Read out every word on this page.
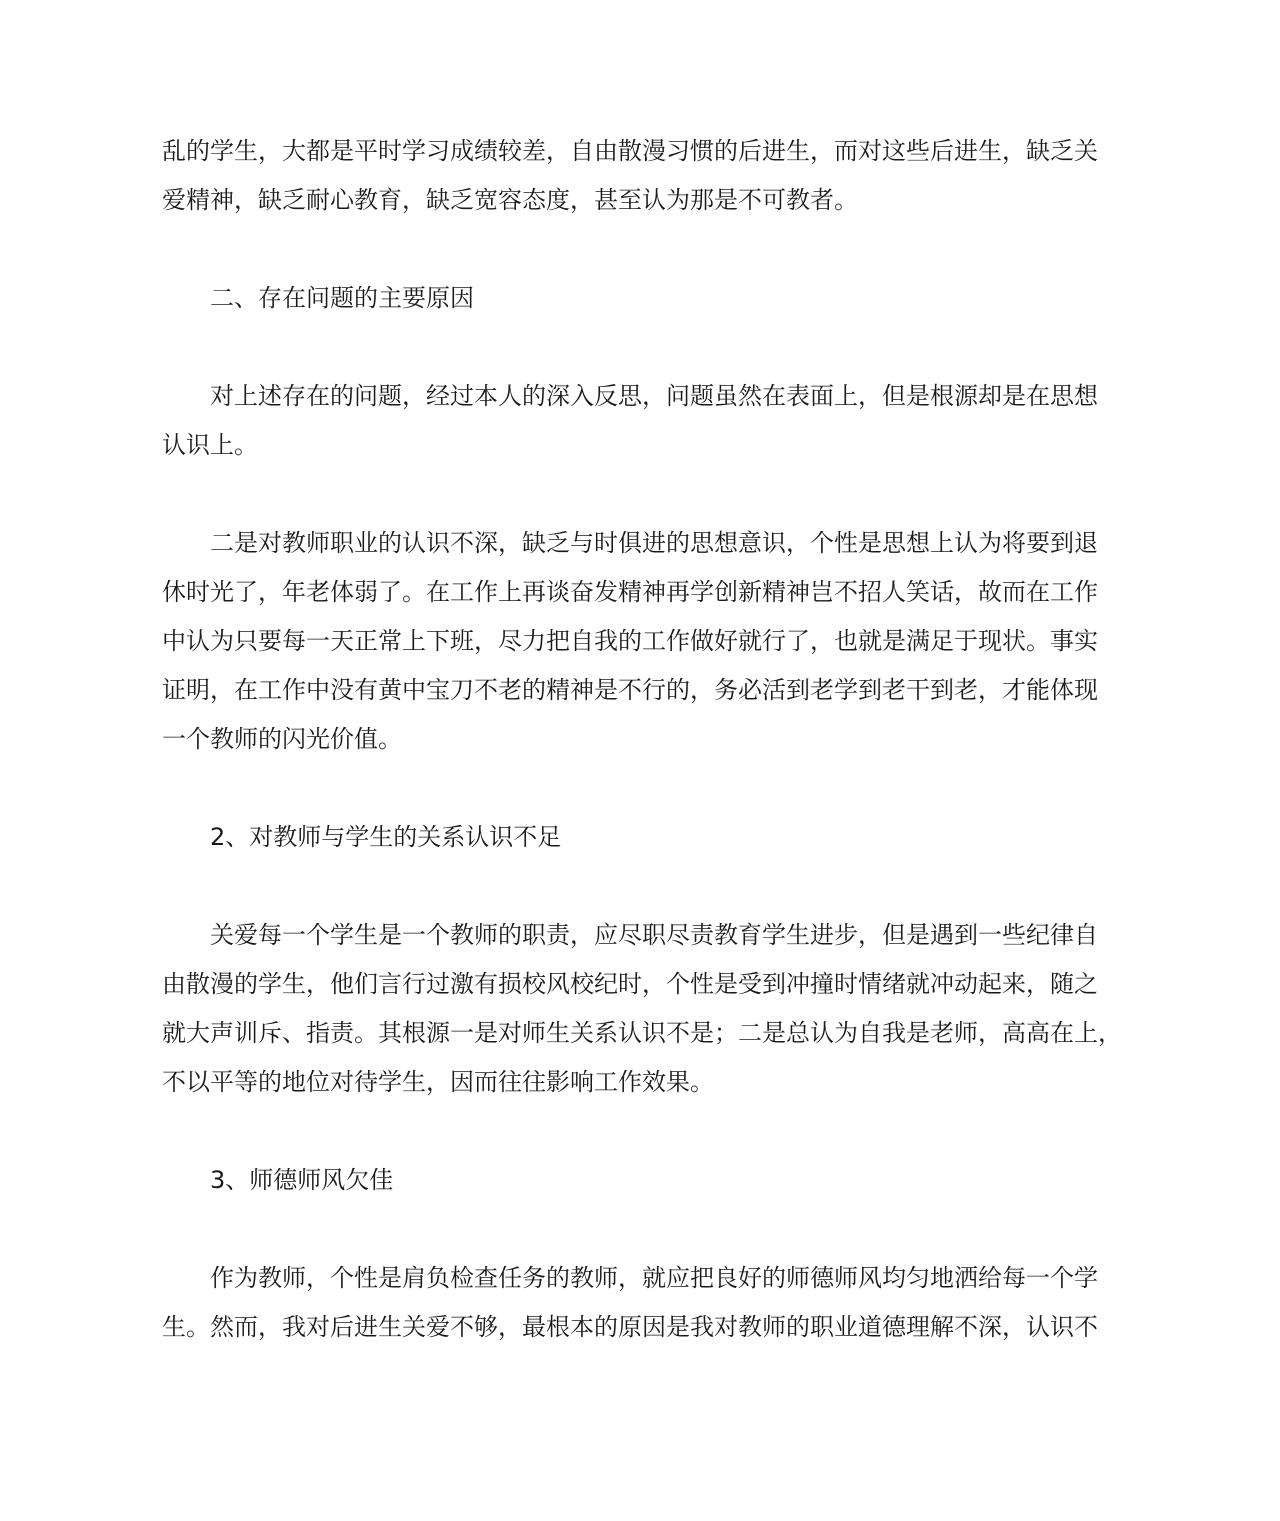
乱的学生，大都是平时学习成绩较差，自由散漫习惯的后进生，而对这些后进生，缺乏关
爱精神，缺乏耐心教育，缺乏宽容态度，甚至认为那是不可教者。

二、存在问题的主要原因

对上述存在的问题，经过本人的深入反思，问题虽然在表面上，但是根源却是在思想
认识上。

二是对教师职业的认识不深，缺乏与时俱进的思想意识，个性是思想上认为将要到退
休时光了，年老体弱了。在工作上再谈奋发精神再学创新精神岂不招人笑话，故而在工作
中认为只要每一天正常上下班，尽力把自我的工作做好就行了，也就是满足于现状。事实
证明，在工作中没有黄中宝刀不老的精神是不行的，务必活到老学到老干到老，才能体现
一个教师的闪光价值。

2、对教师与学生的关系认识不足

关爱每一个学生是一个教师的职责，应尽职尽责教育学生进步，但是遇到一些纪律自
由散漫的学生，他们言行过激有损校风校纪时，个性是受到冲撞时情绪就冲动起来，随之
就大声训斥、指责。其根源一是对师生关系认识不是；二是总认为自我是老师，高高在上，
不以平等的地位对待学生，因而往往影响工作效果。

3、师德师风欠佳

作为教师，个性是肩负检查任务的教师，就应把良好的师德师风均匀地洒给每一个学
生。然而，我对后进生关爱不够，最根本的原因是我对教师的职业道德理解不深，认识不
